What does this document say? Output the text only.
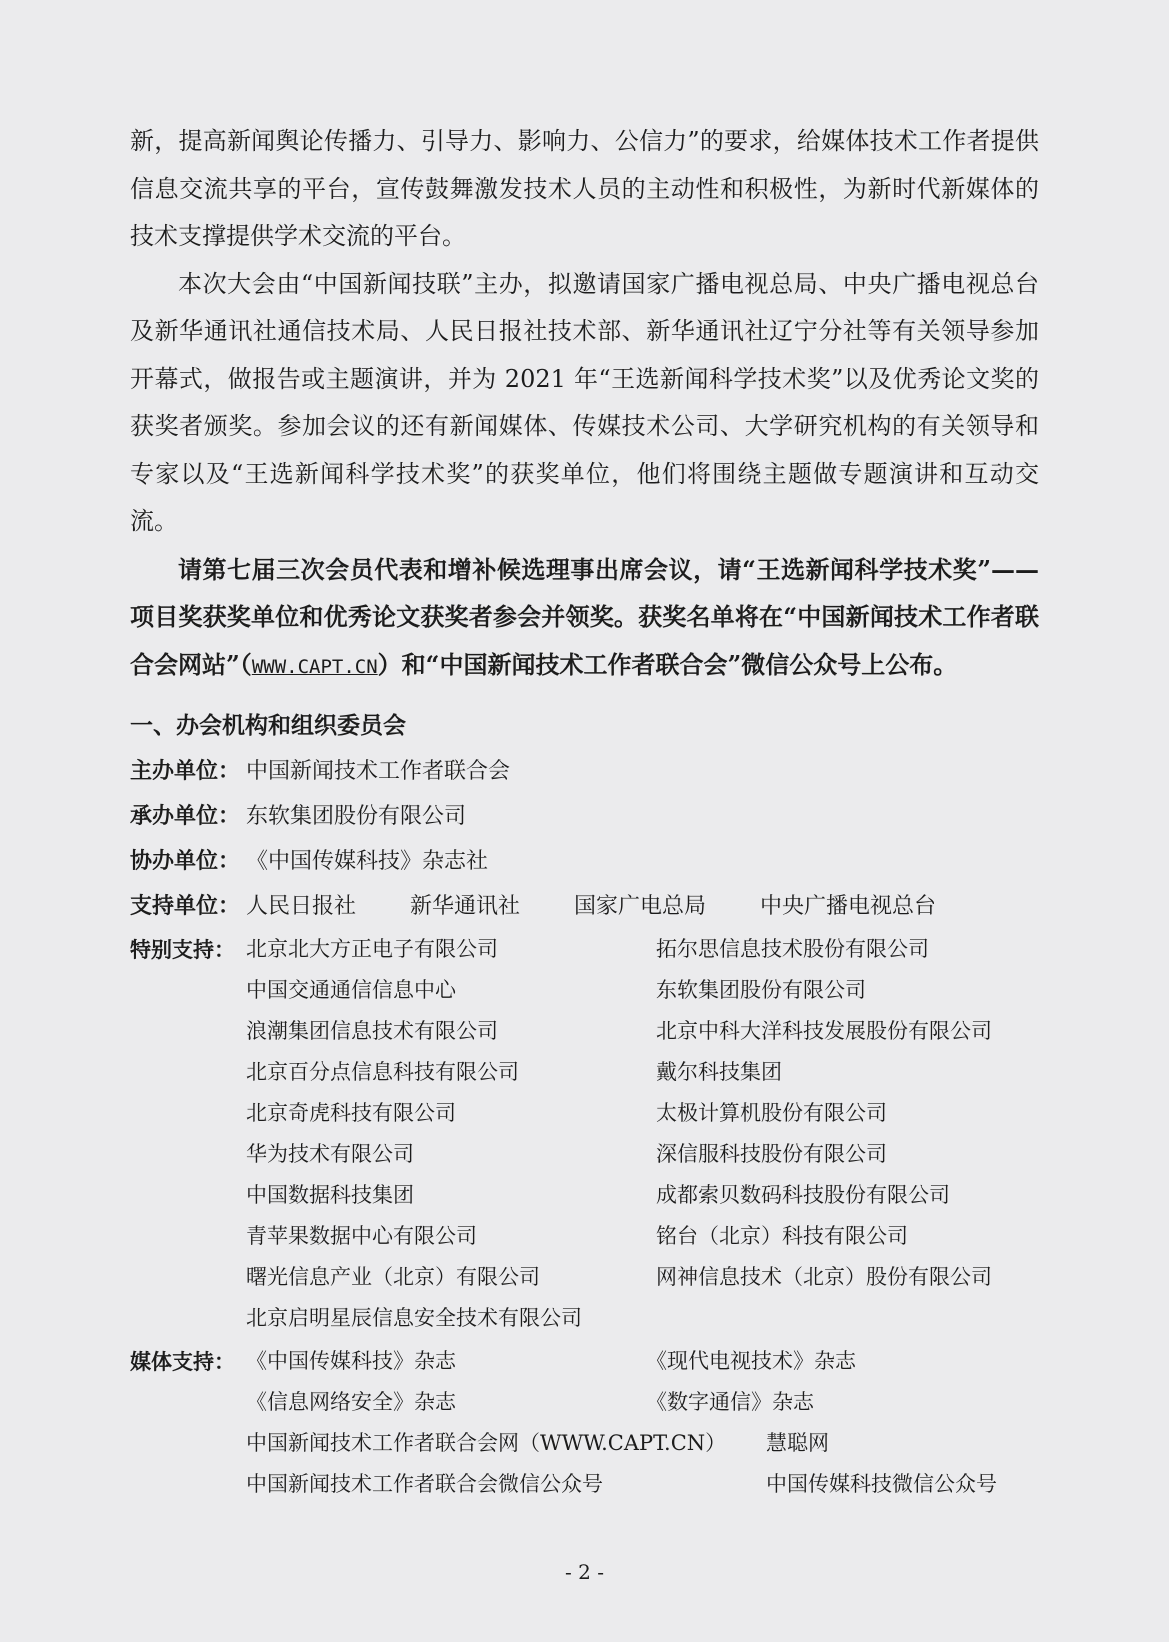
新，提高新闻舆论传播力、引导力、影响力、公信力”的要求，给媒体技术工作者提供信息交流共享的平台，宣传鼓舞激发技术人员的主动性和积极性，为新时代新媒体的技术支撑提供学术交流的平台。

本次大会由“中国新闻技联”主办，拟邀请国家广播电视总局、中央广播电视总台及新华通讯社通信技术局、人民日报社技术部、新华通讯社辽宁分社等有关领导参加开幕式，做报告或主题演讲，并为 2021 年“王选新闻科学技术奖”以及优秀论文奖的获奖者颁奖。参加会议的还有新闻媒体、传媒技术公司、大学研究机构的有关领导和专家以及“王选新闻科学技术奖”的获奖单位，他们将围绕主题做专题演讲和互动交流。

请第七届三次会员代表和增补候选理事出席会议，请“王选新闻科学技术奖”——项目奖获奖单位和优秀论文获奖者参会并领奖。获奖名单将在“中国新闻技术工作者联合会网站”（WWW.CAPT.CN）和“中国新闻技术工作者联合会”微信公众号上公布。

一、办会机构和组织委员会

主办单位： 中国新闻技术工作者联合会
承办单位： 东软集团股份有限公司
协办单位： 《中国传媒科技》杂志社
支持单位： 人民日报社 新华通讯社 国家广电总局 中央广播电视总台
特别支持： 北京北大方正电子有限公司	拓尔思信息技术股份有限公司
中国交通通信信息中心	东软集团股份有限公司
浪潮集团信息技术有限公司	北京中科大洋科技发展股份有限公司
北京百分点信息科技有限公司	戴尔科技集团
北京奇虎科技有限公司	太极计算机股份有限公司
华为技术有限公司	深信服科技股份有限公司
中国数据科技集团	成都索贝数码科技股份有限公司
青苹果数据中心有限公司	铭台（北京）科技有限公司
曙光信息产业（北京）有限公司	网神信息技术（北京）股份有限公司
北京启明星辰信息安全技术有限公司
媒体支持： 《中国传媒科技》杂志	《现代电视技术》杂志
《信息网络安全》杂志	《数字通信》杂志
中国新闻技术工作者联合会网（WWW.CAPT.CN）	慧聪网
中国新闻技术工作者联合会微信公众号	中国传媒科技微信公众号
- 2 -
